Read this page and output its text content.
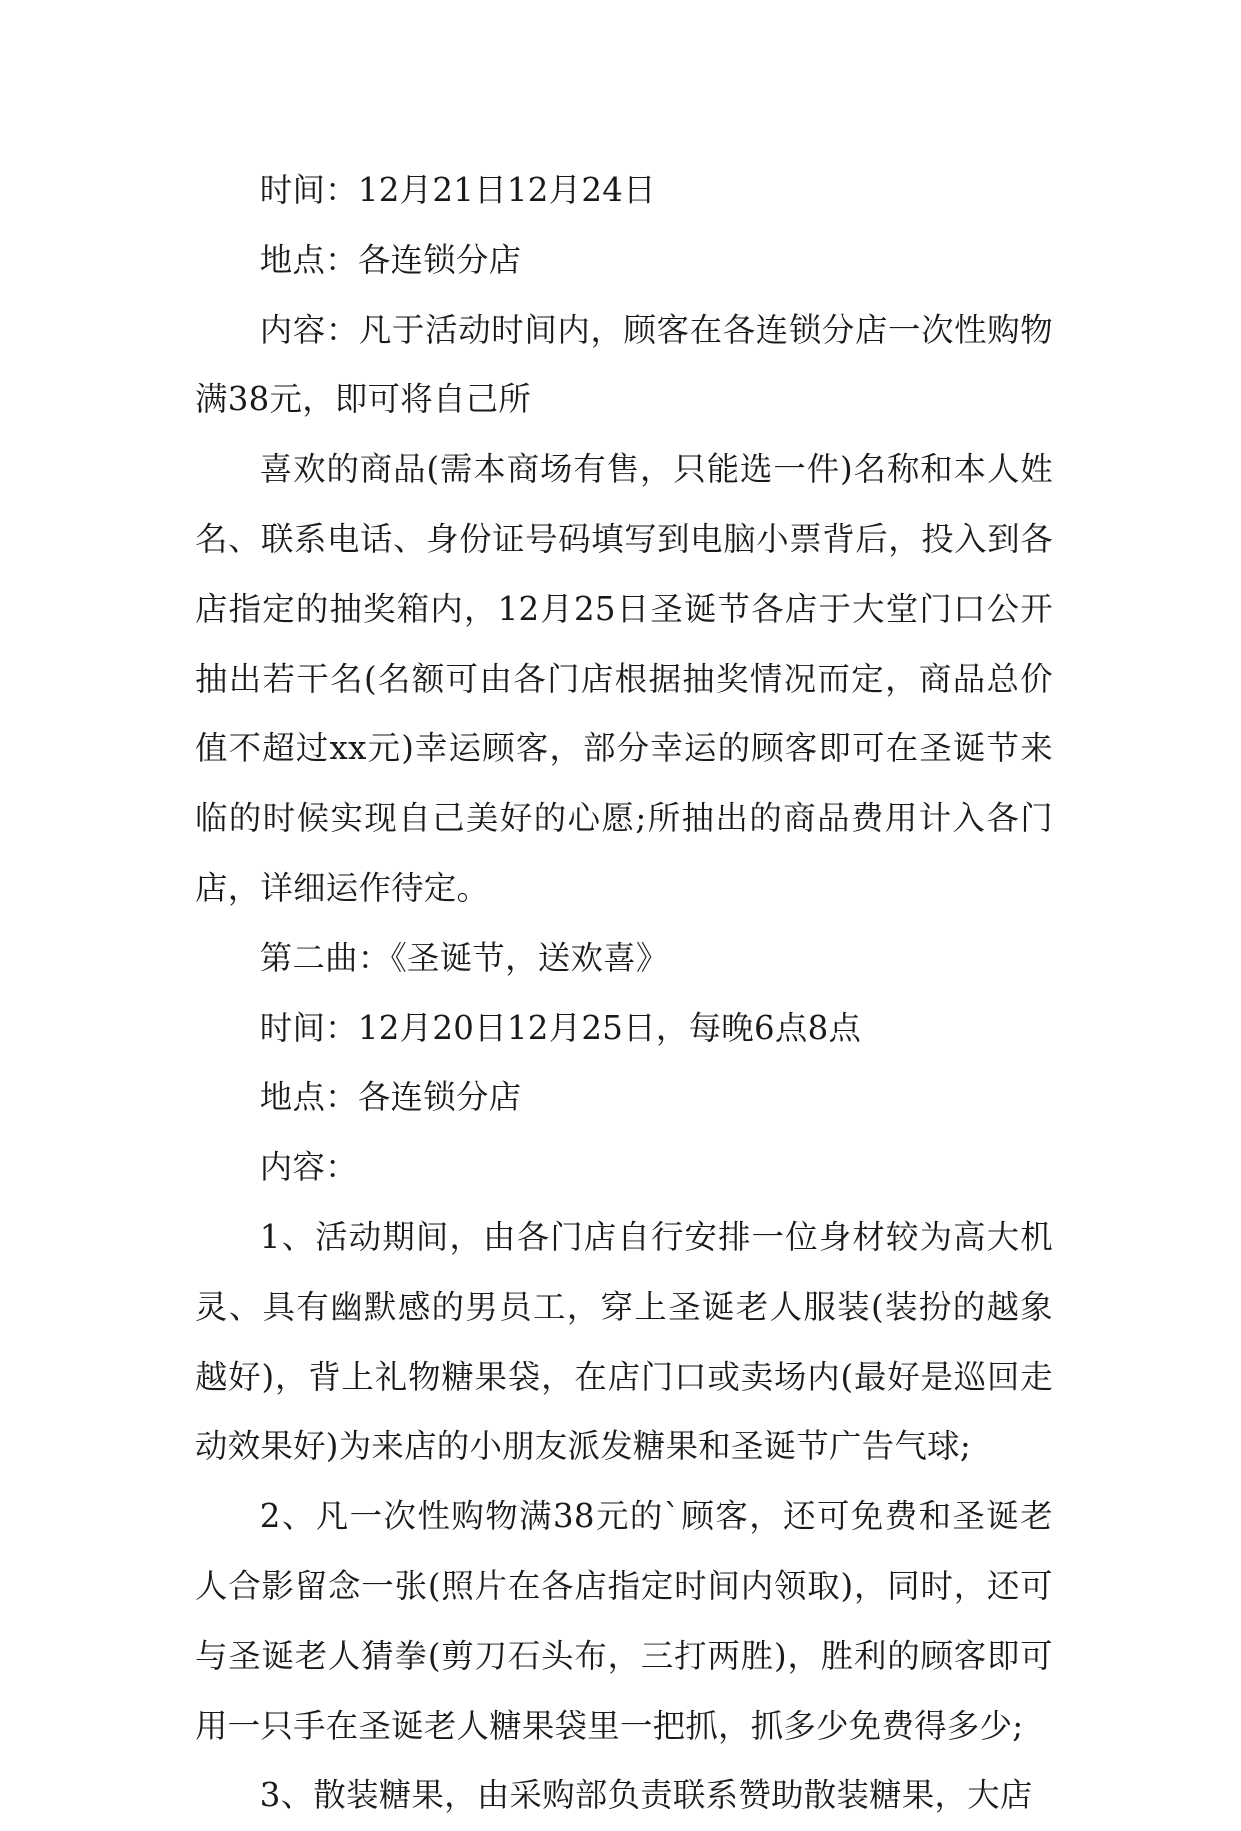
时间：12月21日12月24日

地点：各连锁分店

内容：凡于活动时间内，顾客在各连锁分店一次性购物满38元，即可将自己所

喜欢的商品(需本商场有售，只能选一件)名称和本人姓名、联系电话、身份证号码填写到电脑小票背后，投入到各店指定的抽奖箱内，12月25日圣诞节各店于大堂门口公开抽出若干名(名额可由各门店根据抽奖情况而定，商品总价值不超过xx元)幸运顾客，部分幸运的顾客即可在圣诞节来临的时候实现自己美好的心愿;所抽出的商品费用计入各门店，详细运作待定。

第二曲：《圣诞节，送欢喜》

时间：12月20日12月25日，每晚6点8点

地点：各连锁分店

内容：

1、活动期间，由各门店自行安排一位身材较为高大机灵、具有幽默感的男员工，穿上圣诞老人服装(装扮的越象越好)，背上礼物糖果袋，在店门口或卖场内(最好是巡回走动效果好)为来店的小朋友派发糖果和圣诞节广告气球;

2、凡一次性购物满38元的`顾客，还可免费和圣诞老人合影留念一张(照片在各店指定时间内领取)，同时，还可与圣诞老人猜拳(剪刀石头布，三打两胜)，胜利的顾客即可用一只手在圣诞老人糖果袋里一把抓，抓多少免费得多少;

3、散装糖果，由采购部负责联系赞助散装糖果，大店
